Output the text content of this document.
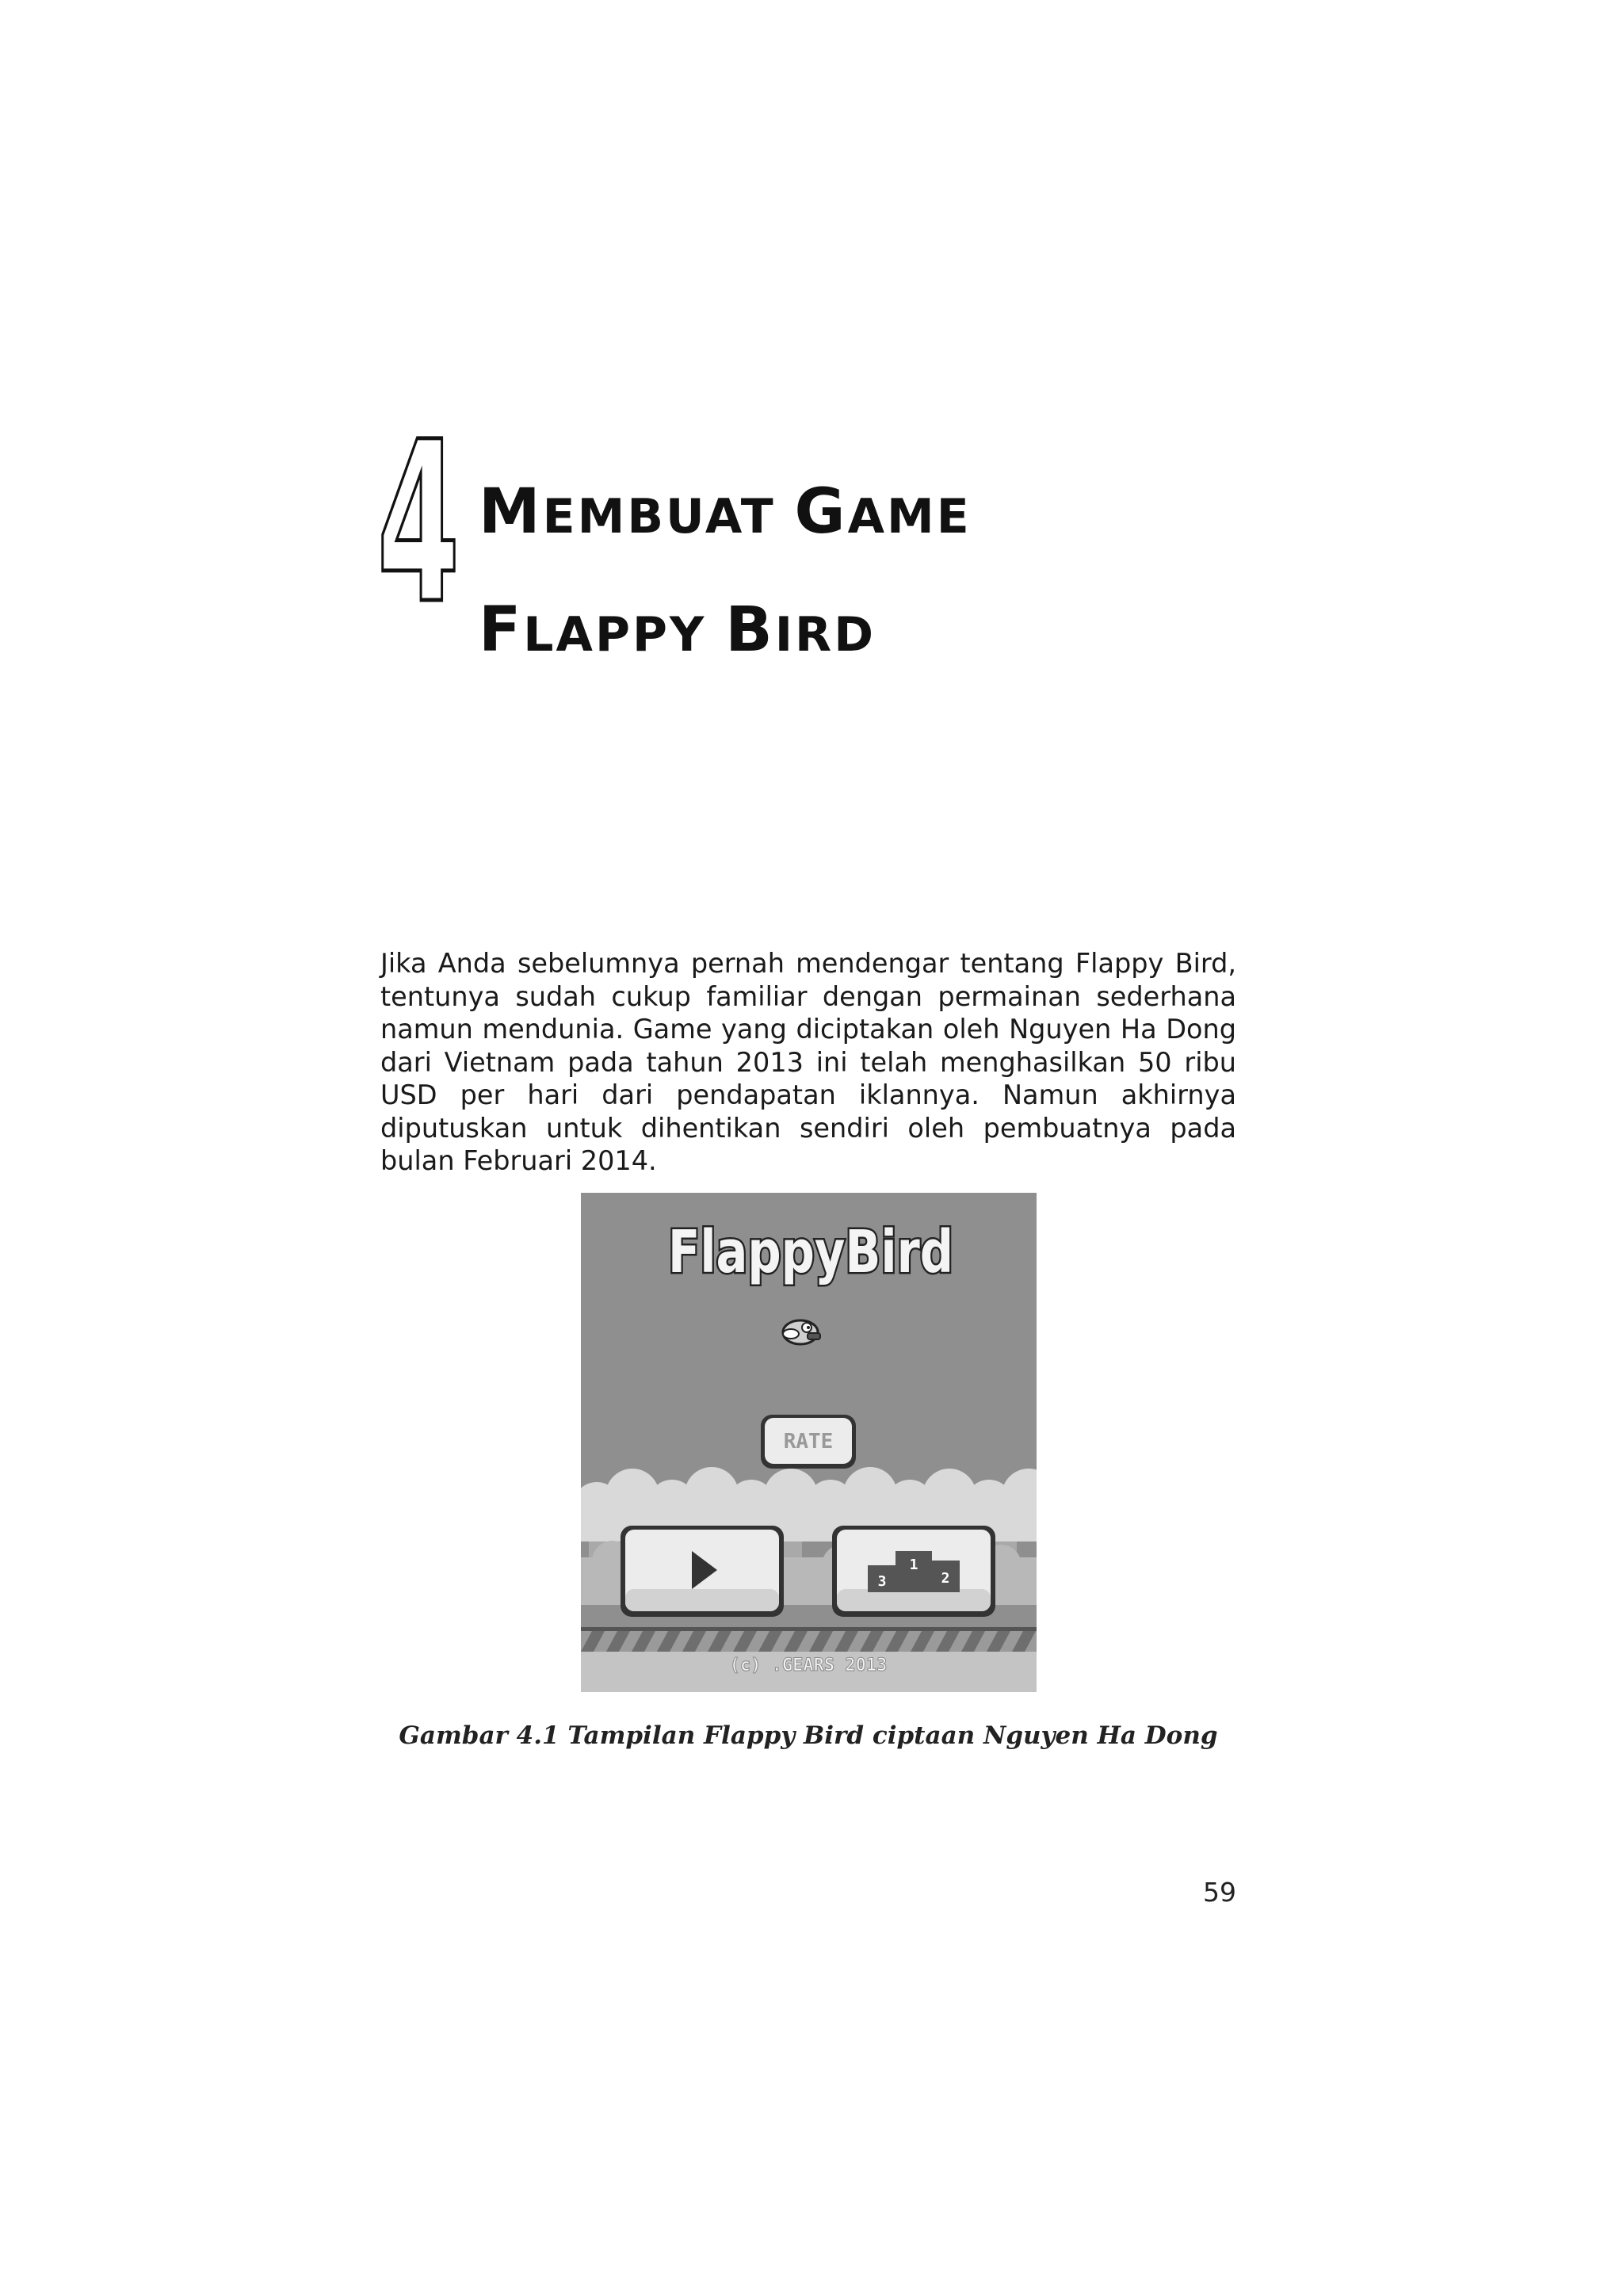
4 MEMBUAT GAME
FLAPPY BIRD

Jika Anda sebelumnya pernah mendengar tentang Flappy Bird, tentunya sudah cukup familiar dengan permainan sederhana namun mendunia. Game yang diciptakan oleh Nguyen Ha Dong dari Vietnam pada tahun 2013 ini telah menghasilkan 50 ribu USD per hari dari pendapatan iklannya. Namun akhirnya diputuskan untuk dihentikan sendiri oleh pembuatnya pada bulan Februari 2014.

FlappyBird
RATE
1
2
3
(c) .GEARS 2013

Gambar 4.1 Tampilan Flappy Bird ciptaan Nguyen Ha Dong

59
